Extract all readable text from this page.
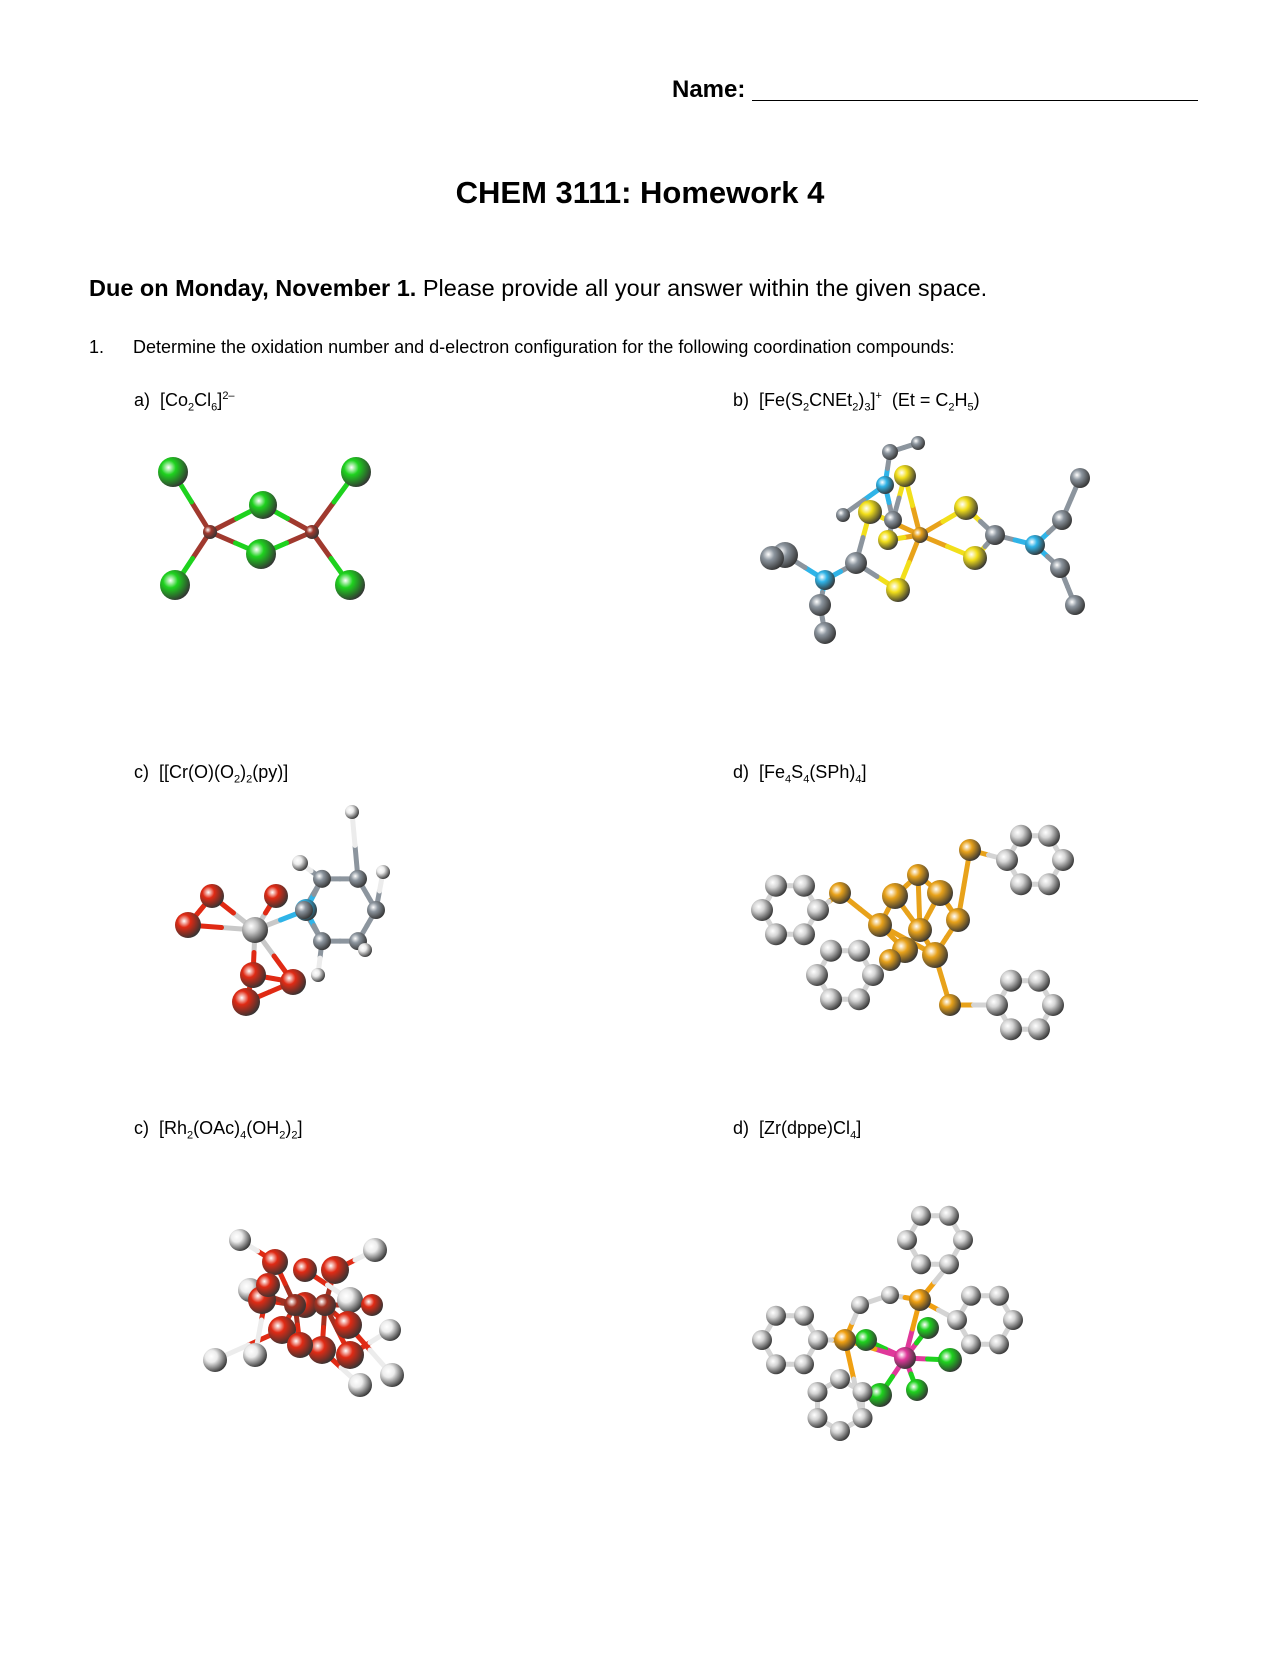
Name:
CHEM 3111: Homework 4
Due on Monday, November 1. Please provide all your answer within the given space.
1. Determine the oxidation number and d-electron configuration for the following coordination compounds:
a) $[Co_2Cl_6]^{2-}$	b) $[Fe(S_2CNEt_2)_3]^+$  $(Et = C_2H_5)$
c) [$[Cr(O)(O_2)_2(py)]$	d) $[Fe_4S_4(SPh)_4]$
c) $[Rh_2(OAc)_4(OH_2)_2]$	d) $[Zr(dppe)Cl_4]$
